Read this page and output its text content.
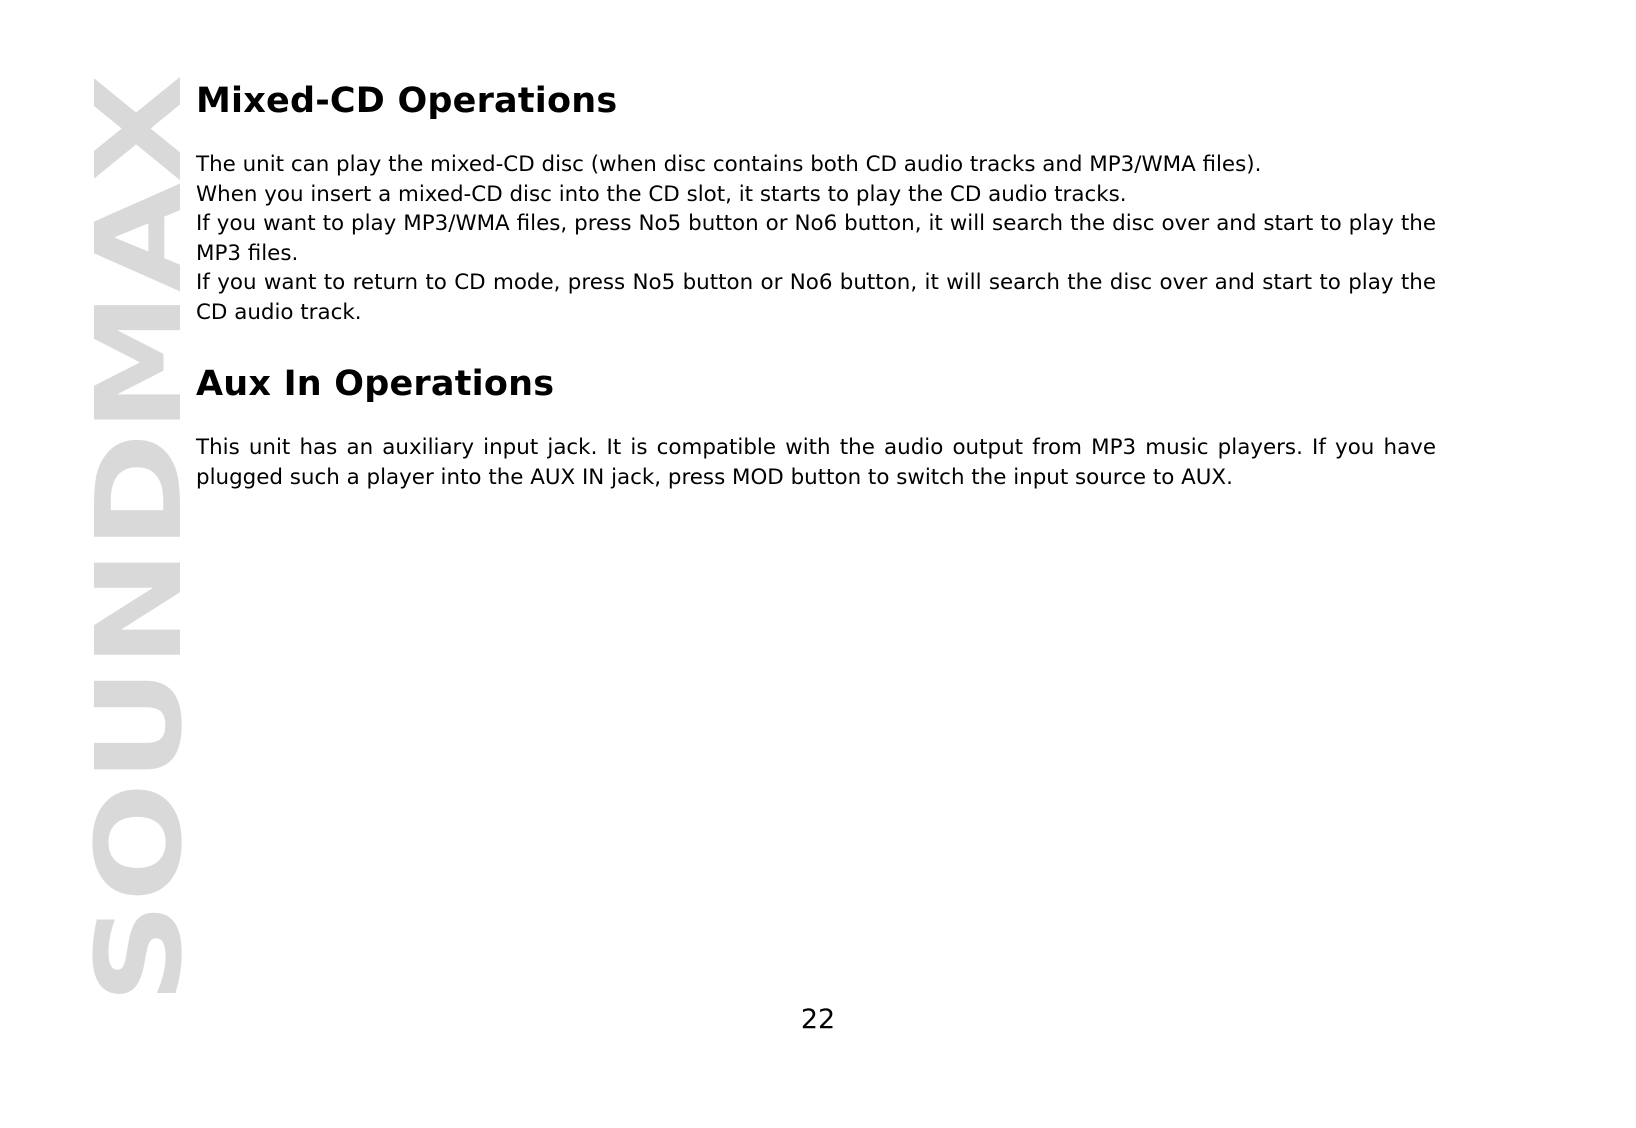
SOUNDMAX
Mixed-CD Operations

The unit can play the mixed-CD disc (when disc contains both CD audio tracks and MP3/WMA files).

When you insert a mixed-CD disc into the CD slot, it starts to play the CD audio tracks.

If you want to play MP3/WMA files, press No5 button or No6 button, it will search the disc over and start to play the MP3 files.

If you want to return to CD mode, press No5 button or No6 button, it will search the disc over and start to play the CD audio track.

Aux In Operations

This unit has an auxiliary input jack. It is compatible with the audio output from MP3 music players. If you have plugged such a player into the AUX IN jack, press MOD button to switch the input source to AUX.

22
